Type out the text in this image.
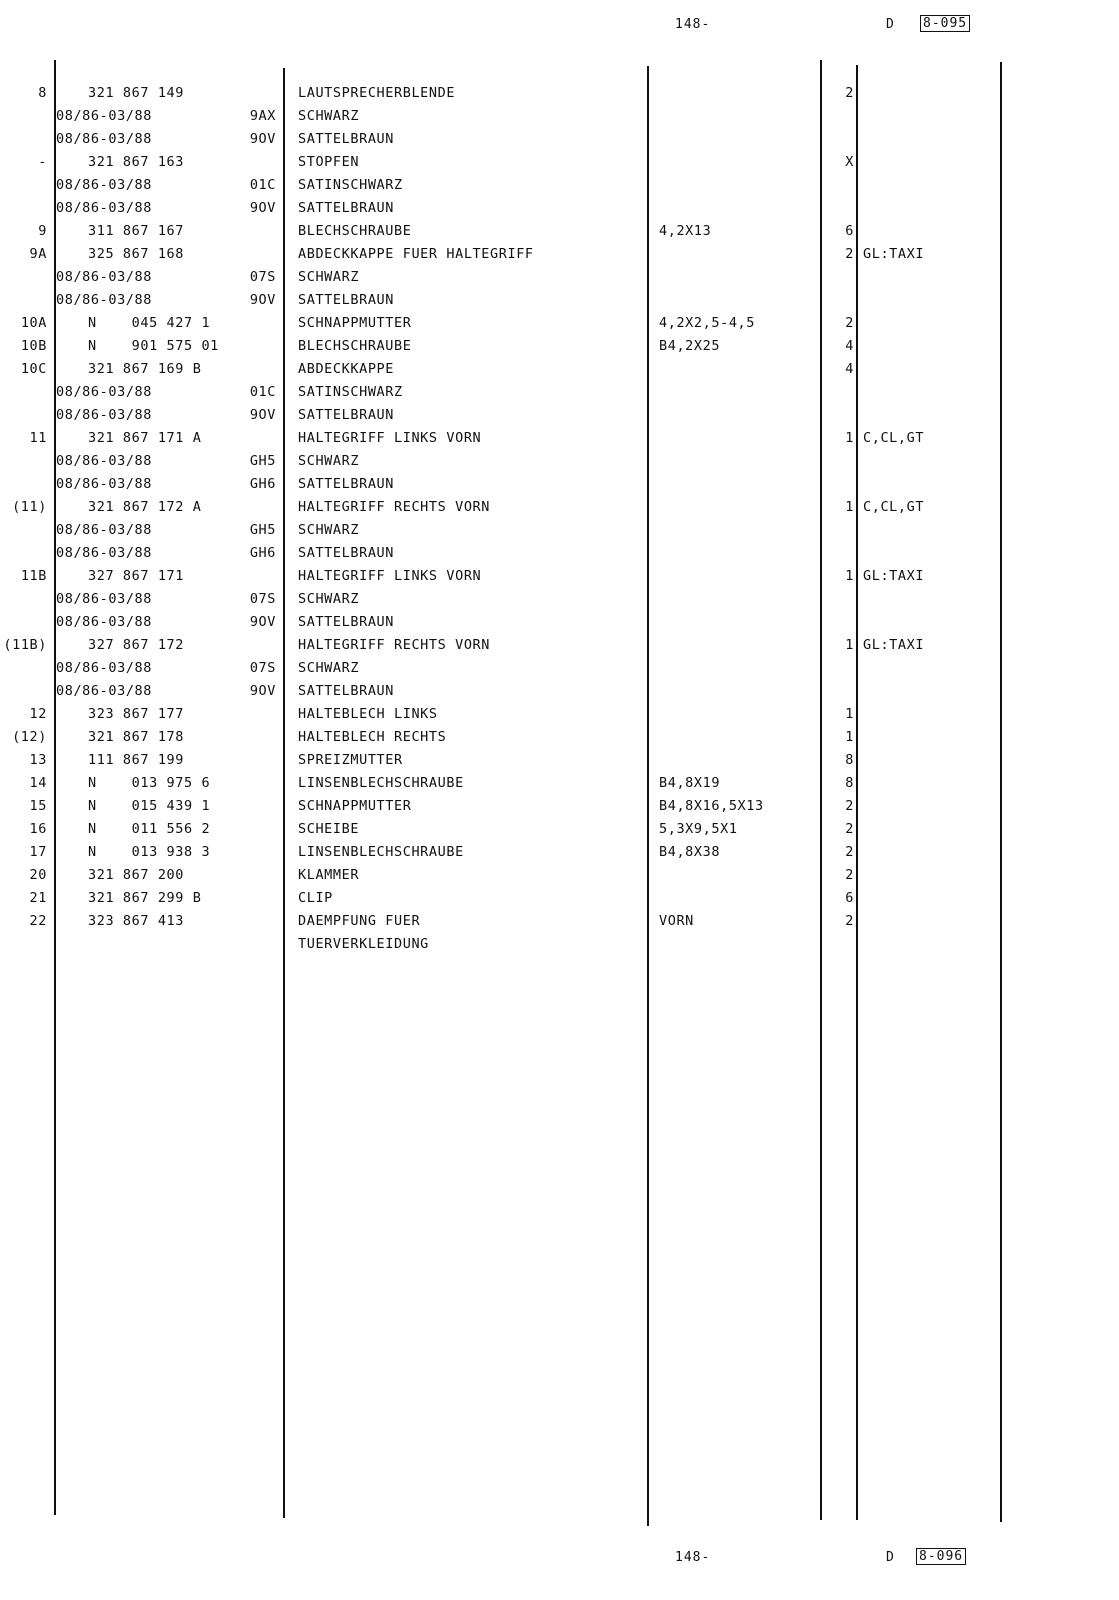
148-	D 8-095
8	321 867 149	LAUTSPRECHERBLENDE	2
08/86-03/88	9AX SCHWARZ
08/86-03/88	9OV SATTELBRAUN
-	321 867 163	STOPFEN	X
08/86-03/88	01C SATINSCHWARZ
08/86-03/88	9OV SATTELBRAUN
9	311 867 167	BLECHSCHRAUBE	4,2X13	6
9A	325 867 168	ABDECKKAPPE FUER HALTEGRIFF	2 GL:TAXI
08/86-03/88	07S SCHWARZ
08/86-03/88	9OV SATTELBRAUN
10A	N    045 427 1	SCHNAPPMUTTER	4,2X2,5-4,5	2
10B	N    901 575 01	BLECHSCHRAUBE	B4,2X25	4
10C	321 867 169 B	ABDECKKAPPE	4
08/86-03/88	01C SATINSCHWARZ
08/86-03/88	9OV SATTELBRAUN
11	321 867 171 A	HALTEGRIFF LINKS VORN	1 C,CL,GT
08/86-03/88	GH5 SCHWARZ
08/86-03/88	GH6 SATTELBRAUN
(11)	321 867 172 A	HALTEGRIFF RECHTS VORN	1 C,CL,GT
08/86-03/88	GH5 SCHWARZ
08/86-03/88	GH6 SATTELBRAUN
11B	327 867 171	HALTEGRIFF LINKS VORN	1 GL:TAXI
08/86-03/88	07S SCHWARZ
08/86-03/88	9OV SATTELBRAUN
(11B)	327 867 172	HALTEGRIFF RECHTS VORN	1 GL:TAXI
08/86-03/88	07S SCHWARZ
08/86-03/88	9OV SATTELBRAUN
12	323 867 177	HALTEBLECH LINKS	1
(12)	321 867 178	HALTEBLECH RECHTS	1
13	111 867 199	SPREIZMUTTER	8
14	N    013 975 6	LINSENBLECHSCHRAUBE	B4,8X19	8
15	N    015 439 1	SCHNAPPMUTTER	B4,8X16,5X13	2
16	N    011 556 2	SCHEIBE	5,3X9,5X1	2
17	N    013 938 3	LINSENBLECHSCHRAUBE	B4,8X38	2
20	321 867 200	KLAMMER	2
21	321 867 299 B	CLIP	6
22	323 867 413	DAEMPFUNG FUER	VORN	2
TUERVERKLEIDUNG
148-	D 8-096
